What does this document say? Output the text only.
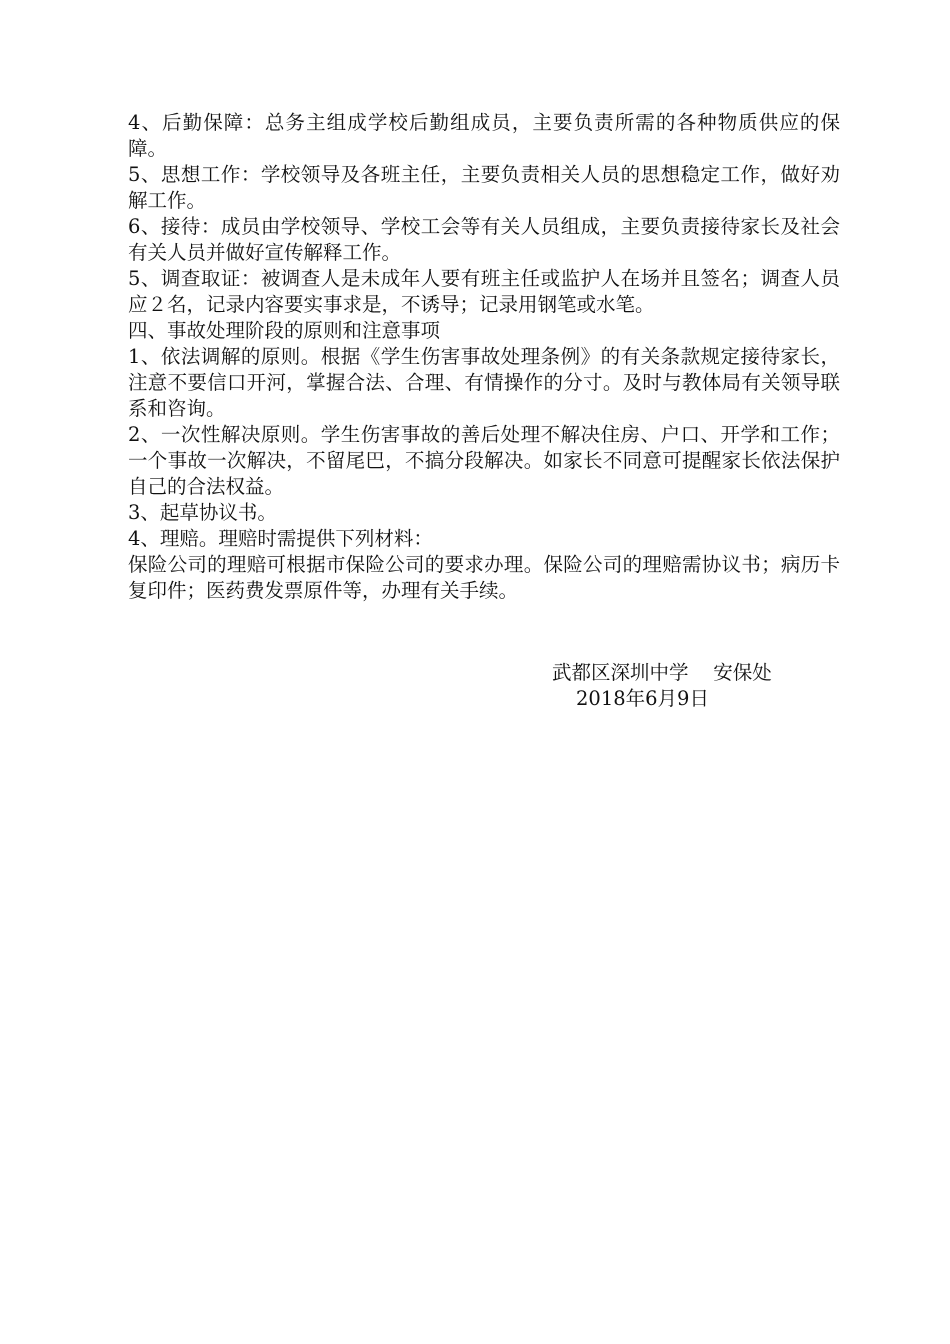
4、后勤保障：总务主组成学校后勤组成员，主要负责所需的各种物质供应的保障。

5、思想工作：学校领导及各班主任，主要负责相关人员的思想稳定工作，做好劝解工作。

6、接待：成员由学校领导、学校工会等有关人员组成，主要负责接待家长及社会有关人员并做好宣传解释工作。

5、调查取证：被调查人是未成年人要有班主任或监护人在场并且签名；调查人员应２名，记录内容要实事求是，不诱导；记录用钢笔或水笔。

四、事故处理阶段的原则和注意事项

1、依法调解的原则。根据《学生伤害事故处理条例》的有关条款规定接待家长，注意不要信口开河，掌握合法、合理、有情操作的分寸。及时与教体局有关领导联系和咨询。

2、一次性解决原则。学生伤害事故的善后处理不解决住房、户口、开学和工作；一个事故一次解决，不留尾巴，不搞分段解决。如家长不同意可提醒家长依法保护自己的合法权益。

3、起草协议书。

4、理赔。理赔时需提供下列材料：

保险公司的理赔可根据市保险公司的要求办理。保险公司的理赔需协议书；病历卡复印件；医药费发票原件等，办理有关手续。

武都区深圳中学    安保处

2018年6月9日
